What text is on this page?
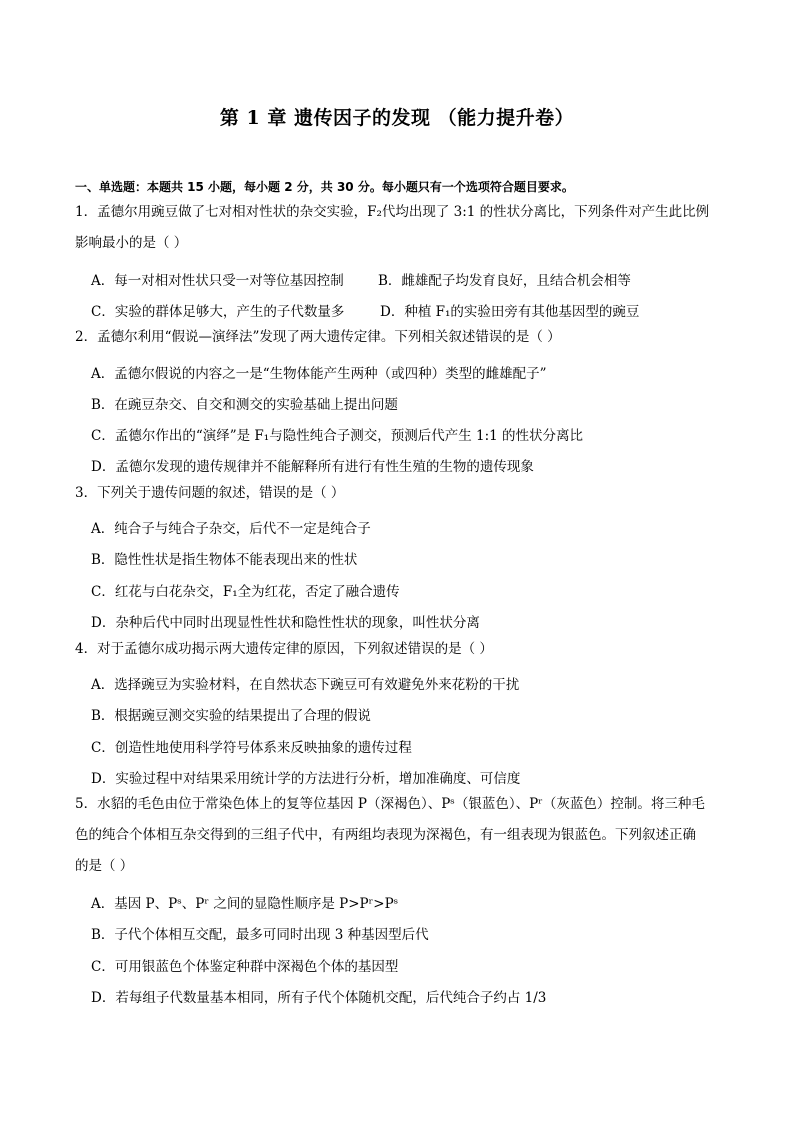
第 1 章 遗传因子的发现 （能力提升卷）
一、单选题：本题共 15 小题，每小题 2 分，共 30 分。每小题只有一个选项符合题目要求。
1．孟德尔用豌豆做了七对相对性状的杂交实验，F₂代均出现了 3:1 的性状分离比，下列条件对产生此比例
影响最小的是（ ）
A．每一对相对性状只受一对等位基因控制	B．雌雄配子均发育良好，且结合机会相等
C．实验的群体足够大，产生的子代数量多	D．种植 F₁的实验田旁有其他基因型的豌豆
2．孟德尔利用“假说—演绎法”发现了两大遗传定律。下列相关叙述错误的是（ ）
A．孟德尔假说的内容之一是“生物体能产生两种（或四种）类型的雌雄配子”
B．在豌豆杂交、自交和测交的实验基础上提出问题
C．孟德尔作出的“演绎”是 F₁与隐性纯合子测交，预测后代产生 1:1 的性状分离比
D．孟德尔发现的遗传规律并不能解释所有进行有性生殖的生物的遗传现象
3．下列关于遗传问题的叙述，错误的是（ ）
A．纯合子与纯合子杂交，后代不一定是纯合子
B．隐性性状是指生物体不能表现出来的性状
C．红花与白花杂交，F₁全为红花，否定了融合遗传
D．杂种后代中同时出现显性性状和隐性性状的现象，叫性状分离
4．对于孟德尔成功揭示两大遗传定律的原因，下列叙述错误的是（ ）
A．选择豌豆为实验材料，在自然状态下豌豆可有效避免外来花粉的干扰
B．根据豌豆测交实验的结果提出了合理的假说
C．创造性地使用科学符号体系来反映抽象的遗传过程
D．实验过程中对结果采用统计学的方法进行分析，增加准确度、可信度
5．水貂的毛色由位于常染色体上的复等位基因 P（深褐色）、Pˢ（银蓝色）、Pʳ（灰蓝色）控制。将三种毛
色的纯合个体相互杂交得到的三组子代中，有两组均表现为深褐色，有一组表现为银蓝色。下列叙述正确
的是（ ）
A．基因 P、Pˢ、Pʳ 之间的显隐性顺序是 P>Pʳ>Pˢ
B．子代个体相互交配，最多可同时出现 3 种基因型后代
C．可用银蓝色个体鉴定种群中深褐色个体的基因型
D．若每组子代数量基本相同，所有子代个体随机交配，后代纯合子约占 1/3
